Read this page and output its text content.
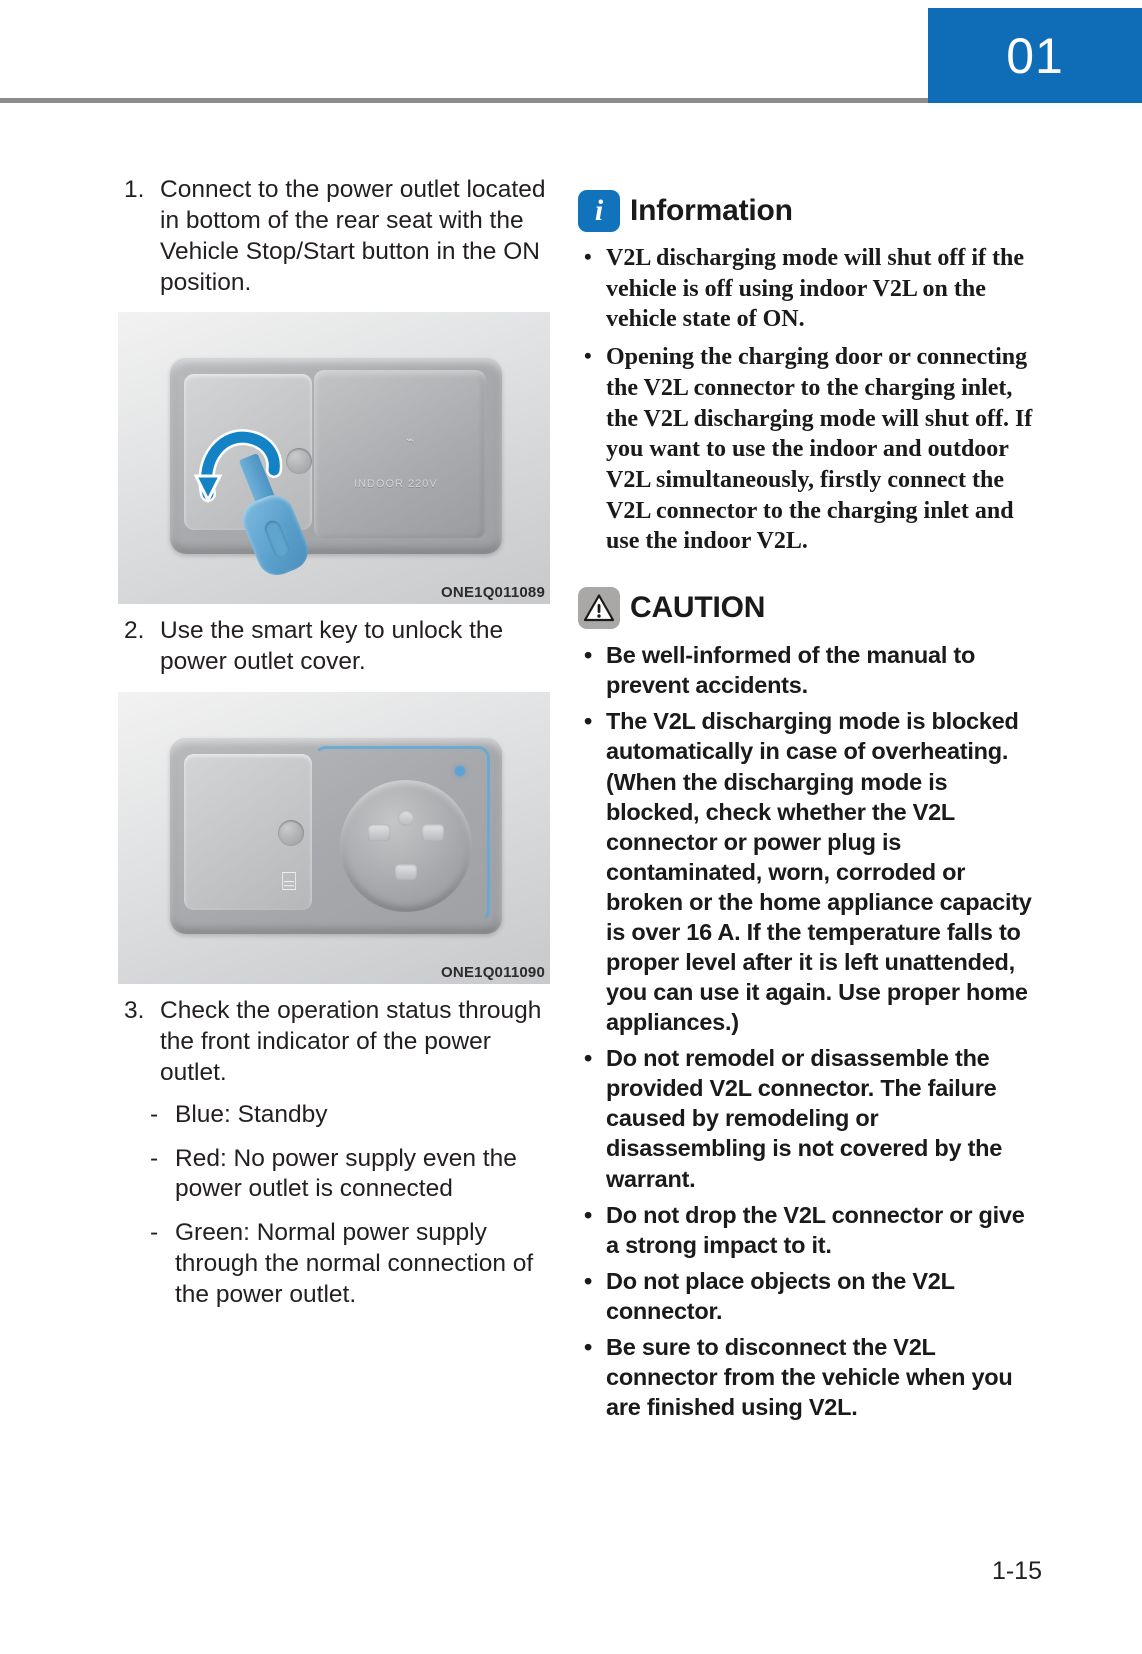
01
1. Connect to the power outlet located in bottom of the rear seat with the Vehicle Stop/Start button in the ON position.
⌁
INDOOR 220V
ONE1Q011089
2. Use the smart key to unlock the power outlet cover.
⌸
ONE1Q011090
3. Check the operation status through the front indicator of the power outlet.
- Blue: Standby
- Red: No power supply even the power outlet is connected
- Green: Normal power supply through the normal connection of the power outlet.
i Information
• V2L discharging mode will shut off if the vehicle is off using indoor V2L on the vehicle state of ON.
• Opening the charging door or connecting the V2L connector to the charging inlet, the V2L discharging mode will shut off. If you want to use the indoor and outdoor V2L simultaneously, firstly connect the V2L connector to the charging inlet and use the indoor V2L.
CAUTION
• Be well-informed of the manual to prevent accidents.
• The V2L discharging mode is blocked automatically in case of overheating. (When the discharging mode is blocked, check whether the V2L connector or power plug is contaminated, worn, corroded or broken or the home appliance capacity is over 16 A. If the temperature falls to proper level after it is left unattended, you can use it again. Use proper home appliances.)
• Do not remodel or disassemble the provided V2L connector. The failure caused by remodeling or disassembling is not covered by the warrant.
• Do not drop the V2L connector or give a strong impact to it.
• Do not place objects on the V2L connector.
• Be sure to disconnect the V2L connector from the vehicle when you are finished using V2L.
1-15
